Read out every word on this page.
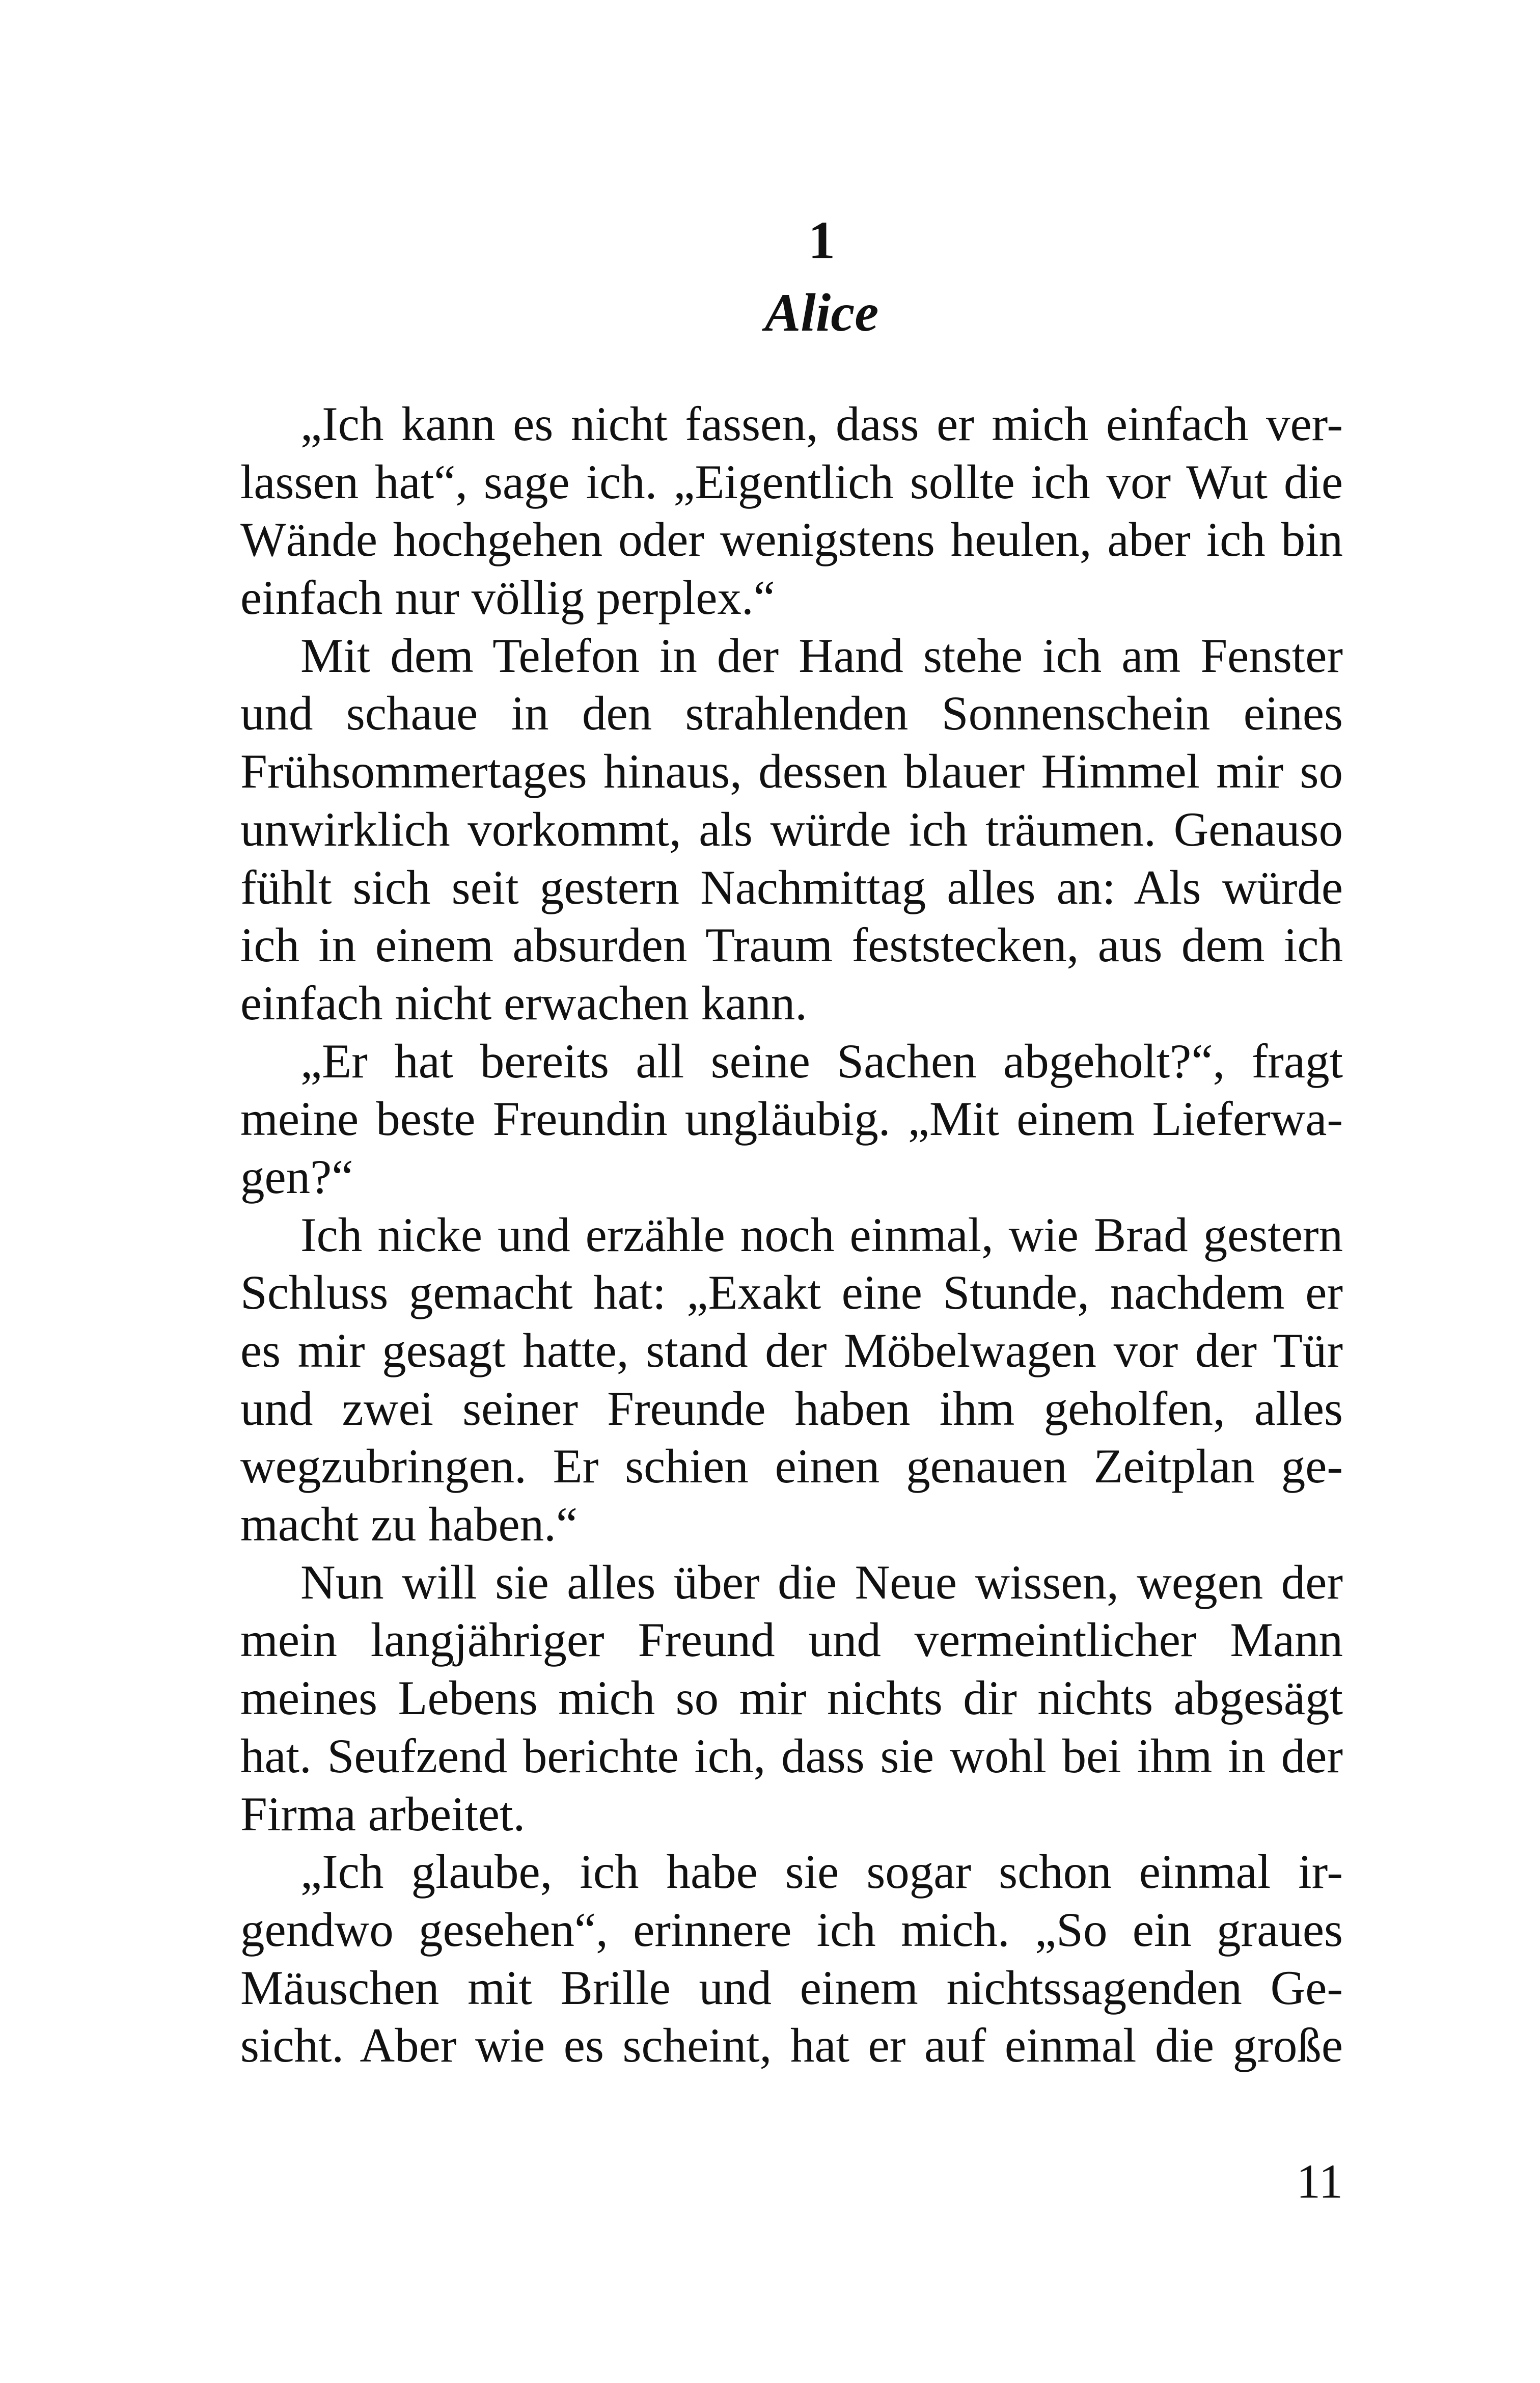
1
Alice
„Ich kann es nicht fassen, dass er mich einfach ver-
lassen hat“, sage ich. „Eigentlich sollte ich vor Wut die
Wände hochgehen oder wenigstens heulen, aber ich bin
einfach nur völlig perplex.“
Mit dem Telefon in der Hand stehe ich am Fenster
und schaue in den strahlenden Sonnenschein eines
Frühsommertages hinaus, dessen blauer Himmel mir so
unwirklich vorkommt, als würde ich träumen. Genauso
fühlt sich seit gestern Nachmittag alles an: Als würde
ich in einem absurden Traum feststecken, aus dem ich
einfach nicht erwachen kann.
„Er hat bereits all seine Sachen abgeholt?“, fragt
meine beste Freundin ungläubig. „Mit einem Lieferwa-
gen?“
Ich nicke und erzähle noch einmal, wie Brad gestern
Schluss gemacht hat: „Exakt eine Stunde, nachdem er
es mir gesagt hatte, stand der Möbelwagen vor der Tür
und zwei seiner Freunde haben ihm geholfen, alles
wegzubringen. Er schien einen genauen Zeitplan ge-
macht zu haben.“
Nun will sie alles über die Neue wissen, wegen der
mein langjähriger Freund und vermeintlicher Mann
meines Lebens mich so mir nichts dir nichts abgesägt
hat. Seufzend berichte ich, dass sie wohl bei ihm in der
Firma arbeitet.
„Ich glaube, ich habe sie sogar schon einmal ir-
gendwo gesehen“, erinnere ich mich. „So ein graues
Mäuschen mit Brille und einem nichtssagenden Ge-
sicht. Aber wie es scheint, hat er auf einmal die große
11
